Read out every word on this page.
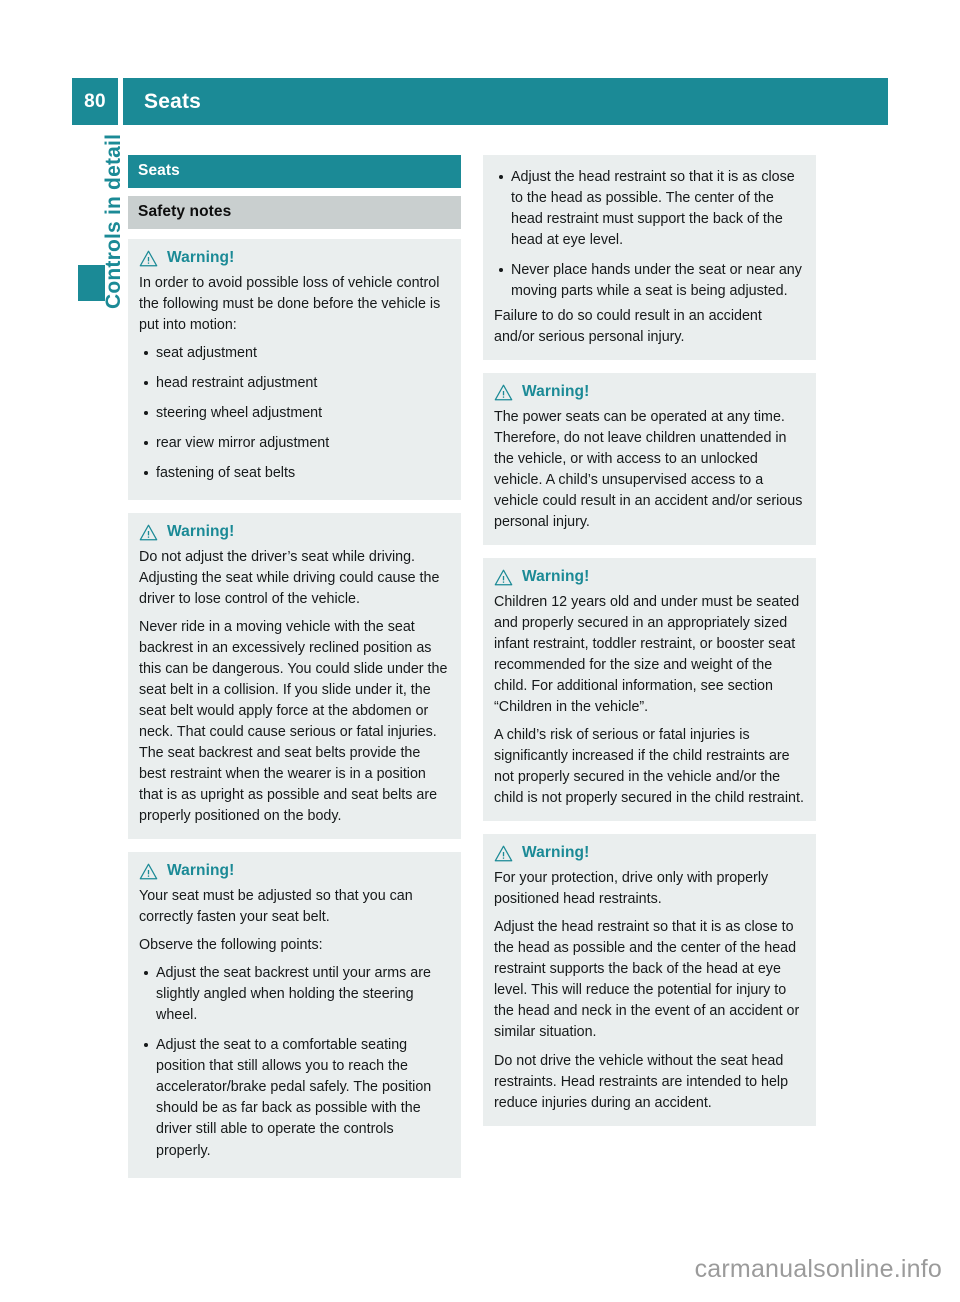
80	Seats
Controls in detail Seats
Safety notes
Warning!

In order to avoid possible loss of vehicle control the following must be done before the vehicle is put into motion:

seat adjustment
head restraint adjustment
steering wheel adjustment
rear view mirror adjustment
fastening of seat belts
Warning!

Do not adjust the driver’s seat while driving. Adjusting the seat while driving could cause the driver to lose control of the vehicle.

Never ride in a moving vehicle with the seat backrest in an excessively reclined position as this can be dangerous. You could slide under the seat belt in a collision. If you slide under it, the seat belt would apply force at the abdomen or neck. That could cause serious or fatal injuries. The seat backrest and seat belts provide the best restraint when the wearer is in a position that is as upright as possible and seat belts are properly positioned on the body.

Warning!

Your seat must be adjusted so that you can correctly fasten your seat belt.

Observe the following points:

Adjust the seat backrest until your arms are slightly angled when holding the steering wheel.
Adjust the seat to a comfortable seating position that still allows you to reach the accelerator/brake pedal safely. The position should be as far back as possible with the driver still able to operate the controls properly.
Adjust the head restraint so that it is as close to the head as possible. The center of the head restraint must support the back of the head at eye level.
Never place hands under the seat or near any moving parts while a seat is being adjusted.

Failure to do so could result in an accident and/or serious personal injury.

Warning!

The power seats can be operated at any time. Therefore, do not leave children unattended in the vehicle, or with access to an unlocked vehicle. A child’s unsupervised access to a vehicle could result in an accident and/or serious personal injury.

Warning!

Children 12 years old and under must be seated and properly secured in an appropriately sized infant restraint, toddler restraint, or booster seat recommended for the size and weight of the child. For additional information, see section “Children in the vehicle”.

A child’s risk of serious or fatal injuries is significantly increased if the child restraints are not properly secured in the vehicle and/or the child is not properly secured in the child restraint.

Warning!

For your protection, drive only with properly positioned head restraints.

Adjust the head restraint so that it is as close to the head as possible and the center of the head restraint supports the back of the head at eye level. This will reduce the potential for injury to the head and neck in the event of an accident or similar situation.

Do not drive the vehicle without the seat head restraints. Head restraints are intended to help reduce injuries during an accident.

carmanualsonline.info
